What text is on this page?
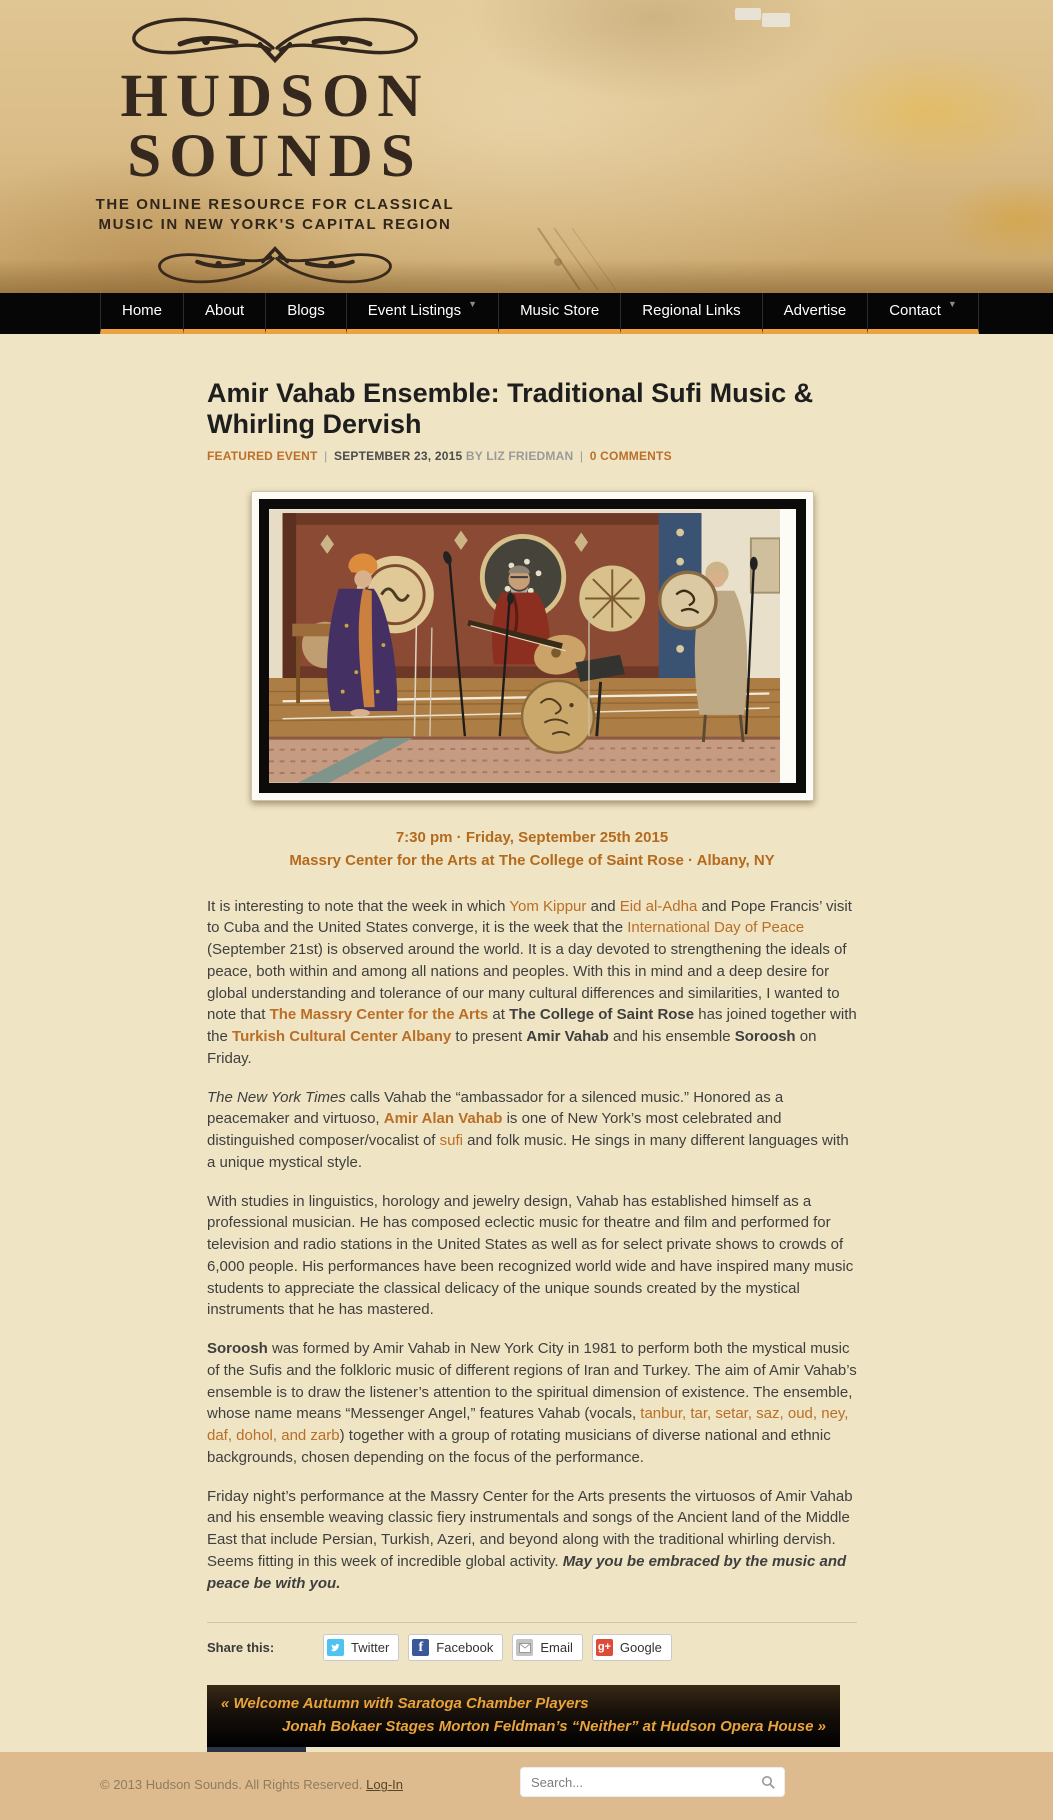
HUDSON
SOUNDS
THE ONLINE RESOURCE FOR CLASSICAL
MUSIC IN NEW YORK'S CAPITAL REGION
Home	About	Blogs	Event Listings ▼	Music Store	Regional Links	Advertise	Contact ▼
Amir Vahab Ensemble: Traditional Sufi Music & Whirling Dervish
FEATURED EVENT | SEPTEMBER 23, 2015 BY LIZ FRIEDMAN | 0 COMMENTS
7:30 pm · Friday, September 25th 2015
Massry Center for the Arts at The College of Saint Rose · Albany, NY

It is interesting to note that the week in which Yom Kippur and Eid al-Adha and Pope Francis’ visit to Cuba and the United States converge, it is the week that the International Day of Peace (September 21st) is observed around the world. It is a day devoted to strengthening the ideals of peace, both within and among all nations and peoples. With this in mind and a deep desire for global understanding and tolerance of our many cultural differences and similarities, I wanted to note that The Massry Center for the Arts at The College of Saint Rose has joined together with the Turkish Cultural Center Albany to present Amir Vahab and his ensemble Soroosh on Friday.

The New York Times calls Vahab the “ambassador for a silenced music.” Honored as a peacemaker and virtuoso, Amir Alan Vahab is one of New York’s most celebrated and distinguished composer/vocalist of sufi and folk music. He sings in many different languages with a unique mystical style.

With studies in linguistics, horology and jewelry design, Vahab has established himself as a professional musician. He has composed eclectic music for theatre and film and performed for television and radio stations in the United States as well as for select private shows to crowds of 6,000 people. His performances have been recognized world wide and have inspired many music students to appreciate the classical delicacy of the unique sounds created by the mystical instruments that he has mastered.

Soroosh was formed by Amir Vahab in New York City in 1981 to perform both the mystical music of the Sufis and the folkloric music of different regions of Iran and Turkey. The aim of Amir Vahab’s ensemble is to draw the listener’s attention to the spiritual dimension of existence. The ensemble, whose name means “Messenger Angel,” features Vahab (vocals, tanbur, tar, setar, saz, oud, ney, daf, dohol, and zarb) together with a group of rotating musicians of diverse national and ethnic backgrounds, chosen depending on the focus of the performance.

Friday night’s performance at the Massry Center for the Arts presents the virtuosos of Amir Vahab and his ensemble weaving classic fiery instrumentals and songs of the Ancient land of the Middle East that include Persian, Turkish, Azeri, and beyond along with the traditional whirling dervish. Seems fitting in this week of incredible global activity. May you be embraced by the music and peace be with you.

Share this:	Twitter	f	Facebook	Email g+ Google
« Welcome Autumn with Saratoga Chamber Players
Jonah Bokaer Stages Morton Feldman’s “Neither” at Hudson Opera House »
© 2013 Hudson Sounds. All Rights Reserved. Log-In
Search...
